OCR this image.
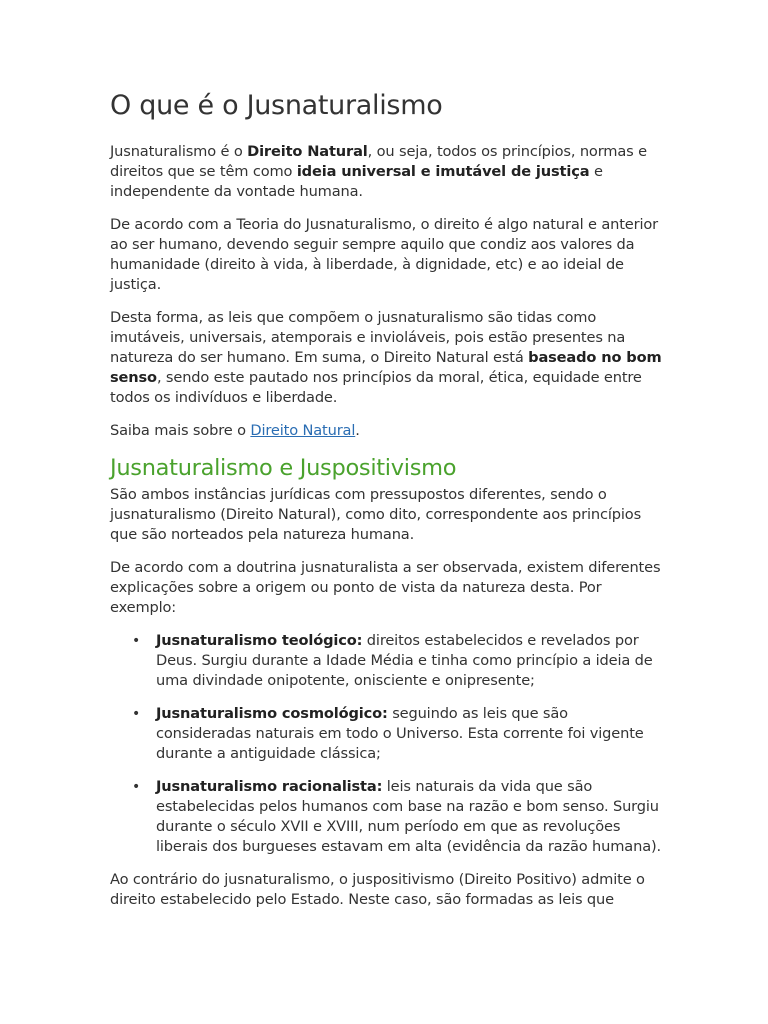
O que é o Jusnaturalismo

Jusnaturalismo é o Direito Natural, ou seja, todos os princípios, normas e direitos que se têm como ideia universal e imutável de justiça e independente da vontade humana.

De acordo com a Teoria do Jusnaturalismo, o direito é algo natural e anterior ao ser humano, devendo seguir sempre aquilo que condiz aos valores da humanidade (direito à vida, à liberdade, à dignidade, etc) e ao ideial de justiça.

Desta forma, as leis que compõem o jusnaturalismo são tidas como imutáveis, universais, atemporais e invioláveis, pois estão presentes na natureza do ser humano. Em suma, o Direito Natural está baseado no bom senso, sendo este pautado nos princípios da moral, ética, equidade entre todos os indivíduos e liberdade.

Saiba mais sobre o Direito Natural.

Jusnaturalismo e Juspositivismo

São ambos instâncias jurídicas com pressupostos diferentes, sendo o jusnaturalismo (Direito Natural), como dito, correspondente aos princípios que são norteados pela natureza humana.

De acordo com a doutrina jusnaturalista a ser observada, existem diferentes explicações sobre a origem ou ponto de vista da natureza desta. Por exemplo:

• Jusnaturalismo teológico: direitos estabelecidos e revelados por Deus. Surgiu durante a Idade Média e tinha como princípio a ideia de uma divindade onipotente, onisciente e onipresente;
• Jusnaturalismo cosmológico: seguindo as leis que são consideradas naturais em todo o Universo. Esta corrente foi vigente durante a antiguidade clássica;
• Jusnaturalismo racionalista: leis naturais da vida que são estabelecidas pelos humanos com base na razão e bom senso. Surgiu durante o século XVII e XVIII, num período em que as revoluções liberais dos burgueses estavam em alta (evidência da razão humana).

Ao contrário do jusnaturalismo, o juspositivismo (Direito Positivo) admite o direito estabelecido pelo Estado. Neste caso, são formadas as leis que
